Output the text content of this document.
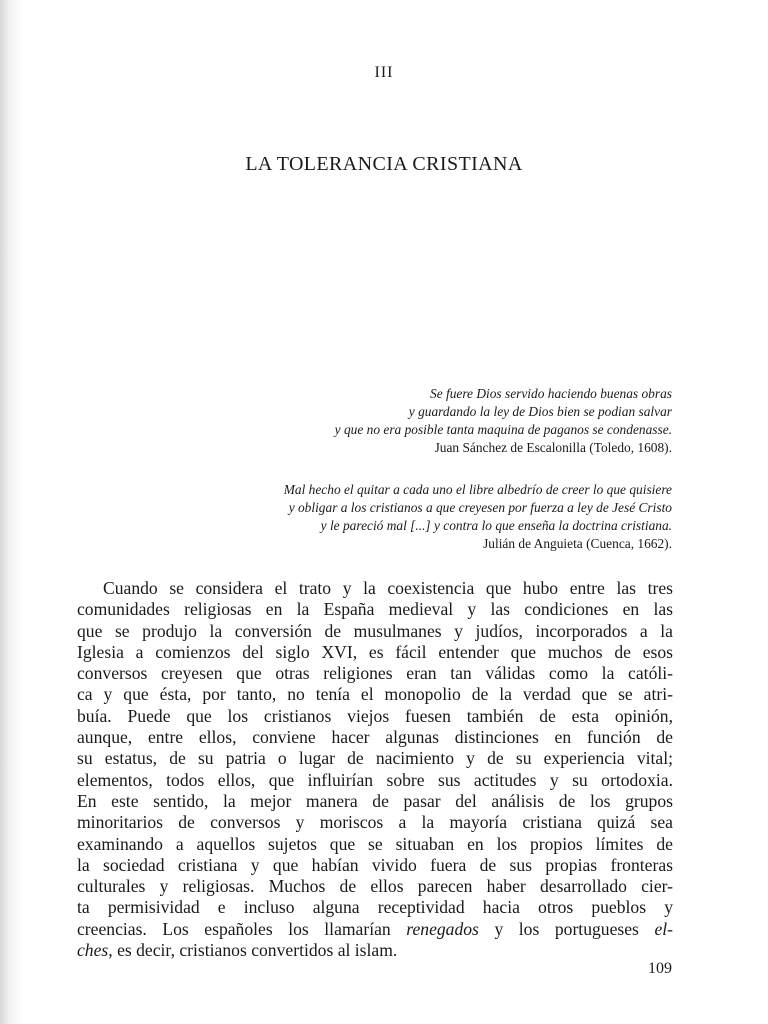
III
LA TOLERANCIA CRISTIANA
Se fuere Dios servido haciendo buenas obras
y guardando la ley de Dios bien se podian salvar
y que no era posible tanta maquina de paganos se condenasse.
Juan Sánchez de Escalonilla (Toledo, 1608).
Mal hecho el quitar a cada uno el libre albedrío de creer lo que quisiere
y obligar a los cristianos a que creyesen por fuerza a ley de Jesé Cristo
y le pareció mal [...] y contra lo que enseña la doctrina cristiana.
Julián de Anguieta (Cuenca, 1662).
Cuando se considera el trato y la coexistencia que hubo entre las tres
comunidades religiosas en la España medieval y las condiciones en las
que se produjo la conversión de musulmanes y judíos, incorporados a la
Iglesia a comienzos del siglo XVI, es fácil entender que muchos de esos
conversos creyesen que otras religiones eran tan válidas como la católi-
ca y que ésta, por tanto, no tenía el monopolio de la verdad que se atri-
buía. Puede que los cristianos viejos fuesen también de esta opinión,
aunque, entre ellos, conviene hacer algunas distinciones en función de
su estatus, de su patria o lugar de nacimiento y de su experiencia vital;
elementos, todos ellos, que influirían sobre sus actitudes y su ortodoxia.
En este sentido, la mejor manera de pasar del análisis de los grupos
minoritarios de conversos y moriscos a la mayoría cristiana quizá sea
examinando a aquellos sujetos que se situaban en los propios límites de
la sociedad cristiana y que habían vivido fuera de sus propias fronteras
culturales y religiosas. Muchos de ellos parecen haber desarrollado cier-
ta permisividad e incluso alguna receptividad hacia otros pueblos y
creencias. Los españoles los llamarían renegados y los portugueses el-
ches, es decir, cristianos convertidos al islam.
109
